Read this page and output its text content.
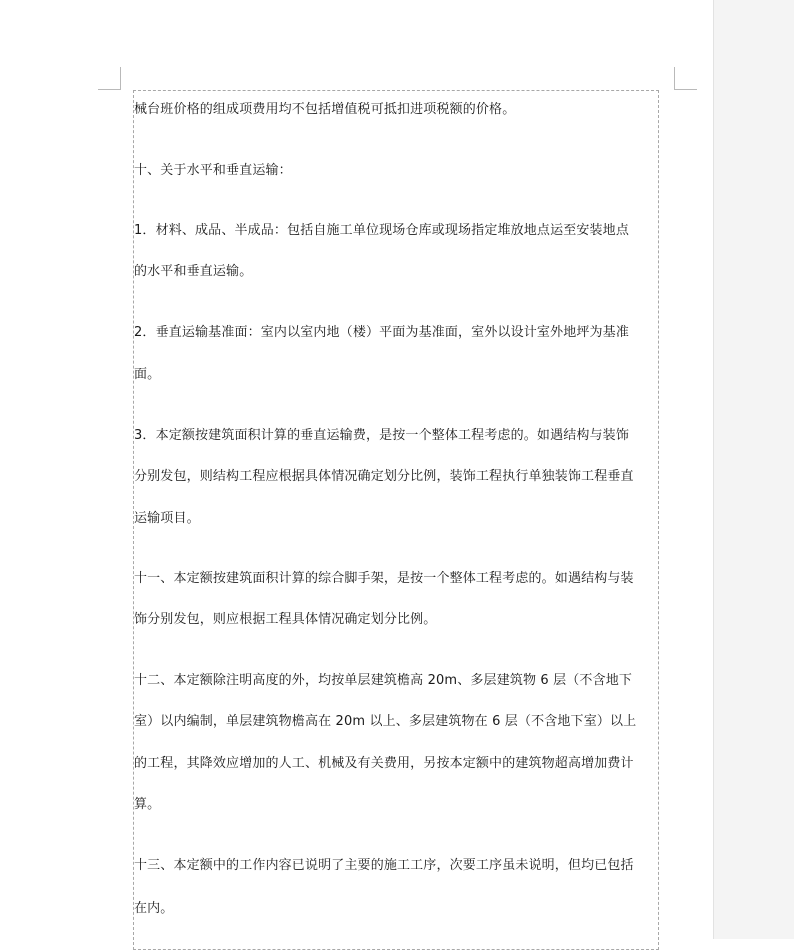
械台班价格的组成项费用均不包括增值税可抵扣进项税额的价格。
十、关于水平和垂直运输：
1．材料、成品、半成品：包括自施工单位现场仓库或现场指定堆放地点运至安装地点
的水平和垂直运输。
2．垂直运输基准面：室内以室内地（楼）平面为基准面，室外以设计室外地坪为基准
面。
3．本定额按建筑面积计算的垂直运输费，是按一个整体工程考虑的。如遇结构与装饰
分别发包，则结构工程应根据具体情况确定划分比例，装饰工程执行单独装饰工程垂直
运输项目。
十一、本定额按建筑面积计算的综合脚手架，是按一个整体工程考虑的。如遇结构与装
饰分别发包，则应根据工程具体情况确定划分比例。
十二、本定额除注明高度的外，均按单层建筑檐高 20m、多层建筑物 6 层（不含地下
室）以内编制，单层建筑物檐高在 20m 以上、多层建筑物在 6 层（不含地下室）以上
的工程，其降效应增加的人工、机械及有关费用，另按本定额中的建筑物超高增加费计
算。
十三、本定额中的工作内容已说明了主要的施工工序，次要工序虽未说明，但均已包括
在内。
